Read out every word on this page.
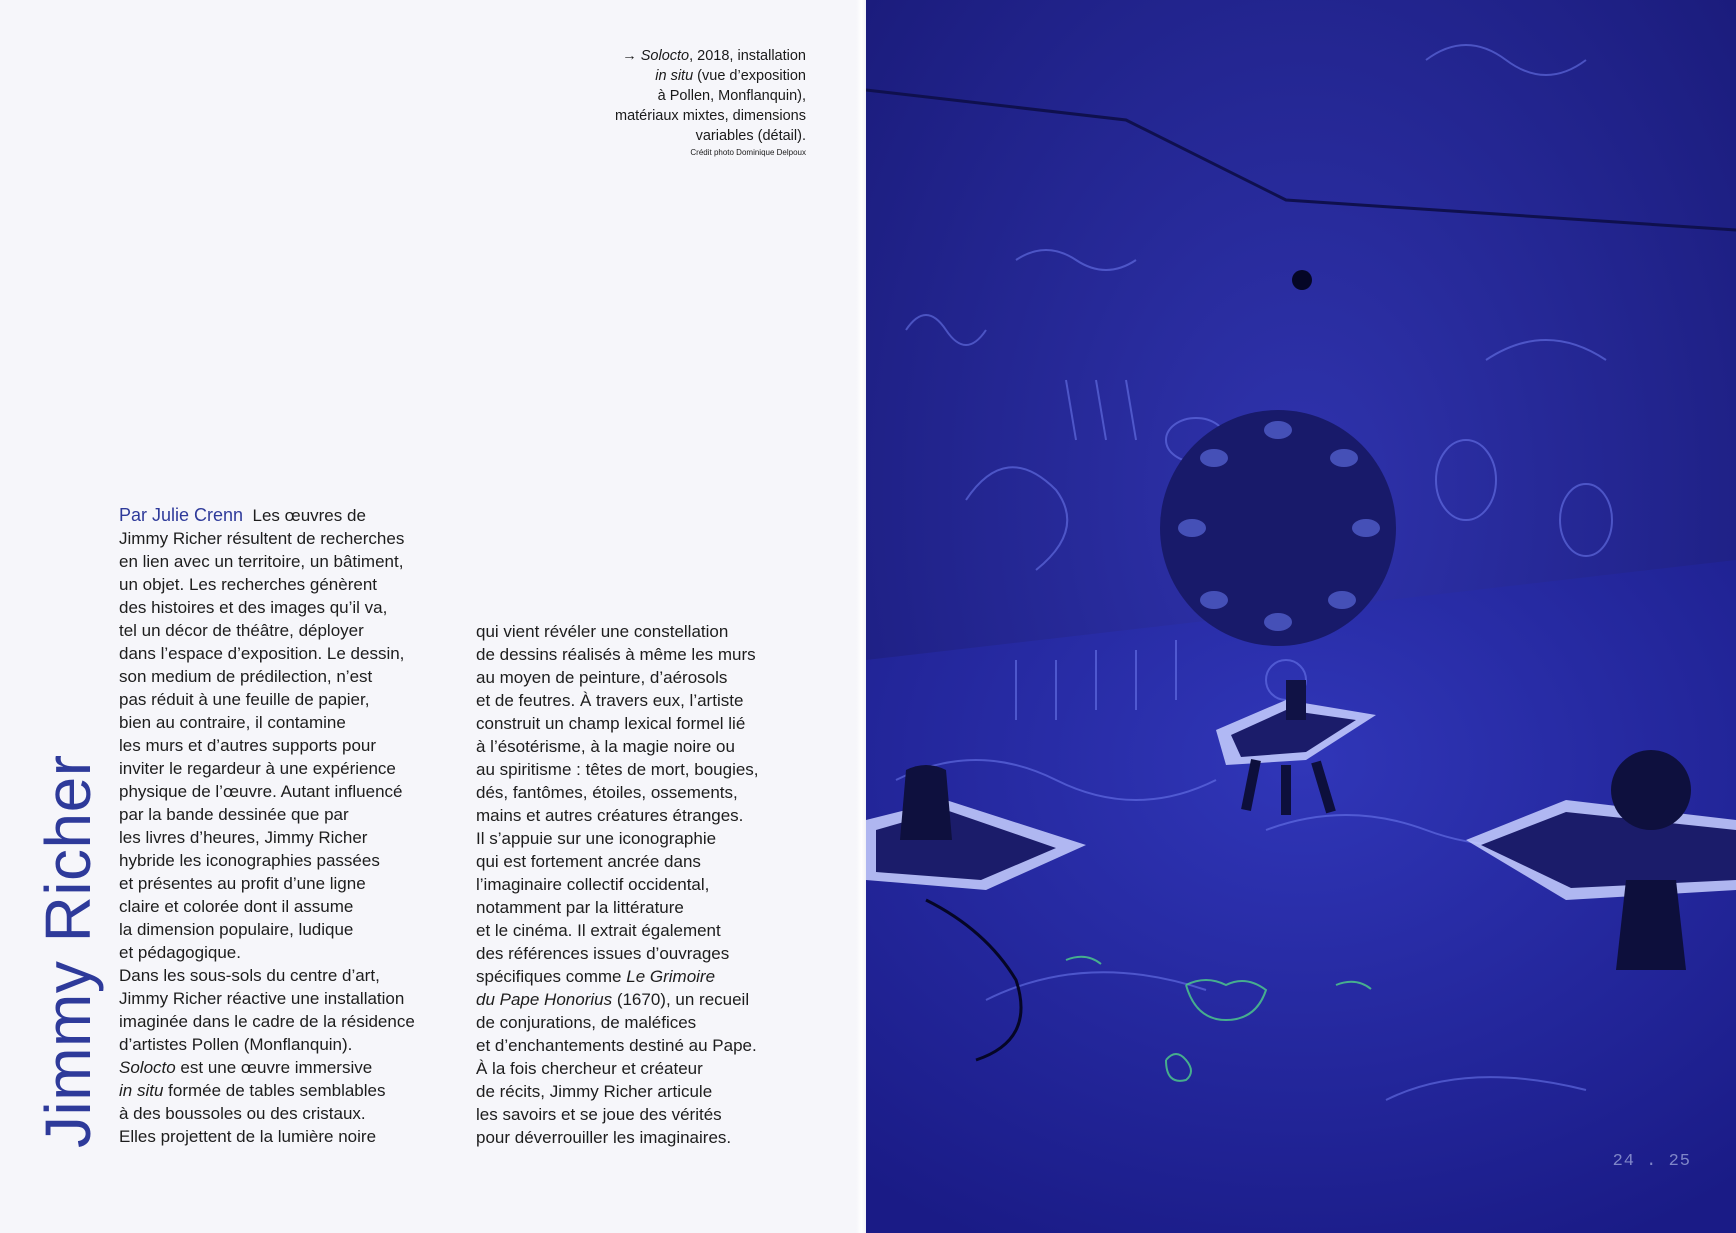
→ Solocto, 2018, installation

in situ (vue d’exposition

à Pollen, Monflanquin),

matériaux mixtes, dimensions

variables (détail).

Crédit photo Dominique Delpoux
Jimmy Richer

Par Julie Crenn Les œuvres de

Jimmy Richer résultent de recherches

en lien avec un territoire, un bâtiment,

un objet. Les recherches génèrent

des histoires et des images qu’il va,

tel un décor de théâtre, déployer

dans l’espace d’exposition. Le dessin,

son medium de prédilection, n’est

pas réduit à une feuille de papier,

bien au contraire, il contamine

les murs et d’autres supports pour

inviter le regardeur à une expérience

physique de l’œuvre. Autant influencé

par la bande dessinée que par

les livres d’heures, Jimmy Richer

hybride les iconographies passées

et présentes au profit d’une ligne

claire et colorée dont il assume

la dimension populaire, ludique

et pédagogique.

Dans les sous-sols du centre d’art,

Jimmy Richer réactive une installation

imaginée dans le cadre de la résidence

d’artistes Pollen (Monflanquin).

Solocto est une œuvre immersive

in situ formée de tables semblables

à des boussoles ou des cristaux.

Elles projettent de la lumière noire

qui vient révéler une constellation

de dessins réalisés à même les murs

au moyen de peinture, d’aérosols

et de feutres. À travers eux, l’artiste

construit un champ lexical formel lié

à l’ésotérisme, à la magie noire ou

au spiritisme : têtes de mort, bougies,

dés, fantômes, étoiles, ossements,

mains et autres créatures étranges.

Il s’appuie sur une iconographie

qui est fortement ancrée dans

l’imaginaire collectif occidental,

notamment par la littérature

et le cinéma. Il extrait également

des références issues d’ouvrages

spécifiques comme Le Grimoire

du Pape Honorius (1670), un recueil

de conjurations, de maléfices

et d’enchantements destiné au Pape.

À la fois chercheur et créateur

de récits, Jimmy Richer articule

les savoirs et se joue des vérités

pour déverrouiller les imaginaires.

24 . 25
